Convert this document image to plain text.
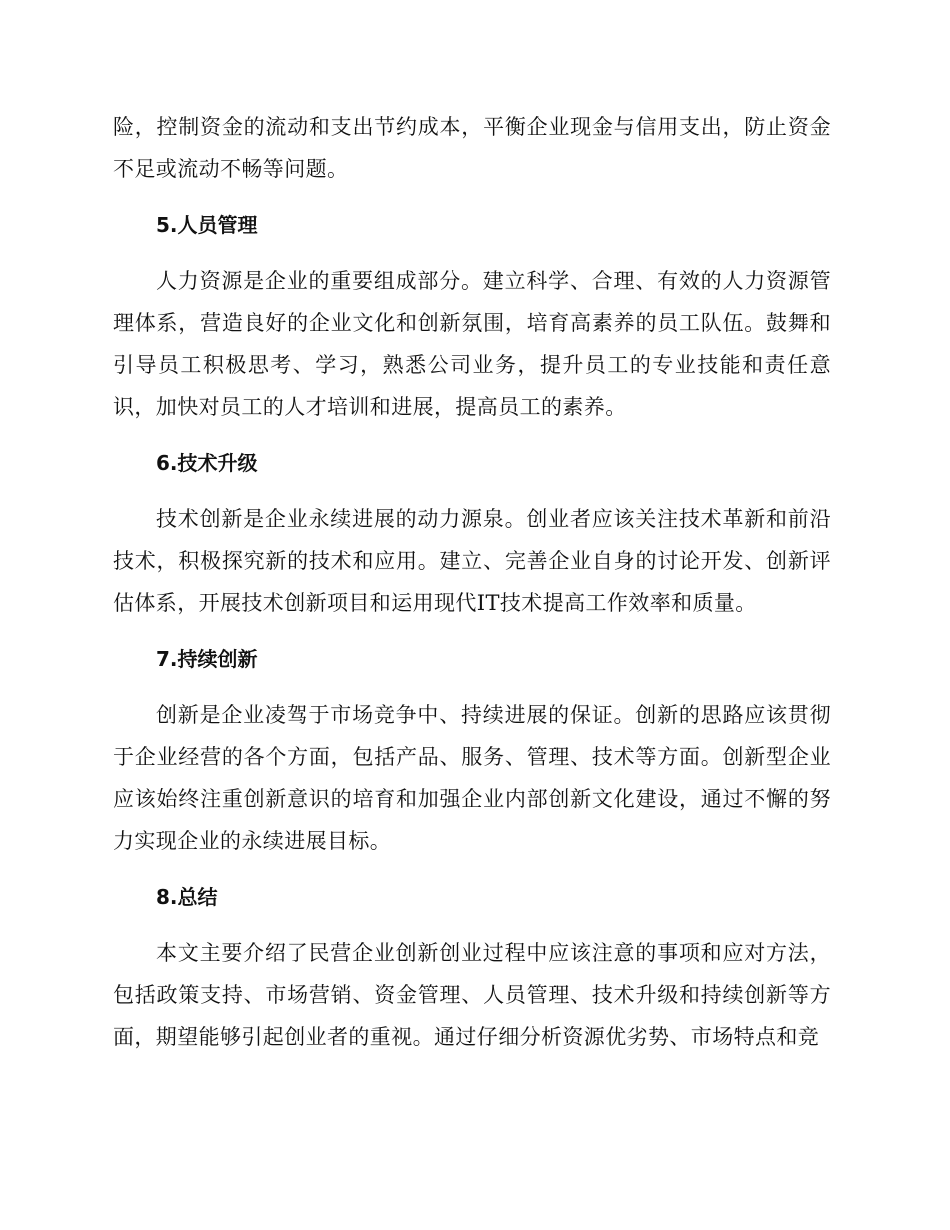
险，控制资金的流动和支出节约成本，平衡企业现金与信用支出，防止资金不足或流动不畅等问题。

5.人员管理

人力资源是企业的重要组成部分。建立科学、合理、有效的人力资源管理体系，营造良好的企业文化和创新氛围，培育高素养的员工队伍。鼓舞和引导员工积极思考、学习，熟悉公司业务，提升员工的专业技能和责任意识，加快对员工的人才培训和进展，提高员工的素养。

6.技术升级

技术创新是企业永续进展的动力源泉。创业者应该关注技术革新和前沿技术，积极探究新的技术和应用。建立、完善企业自身的讨论开发、创新评估体系，开展技术创新项目和运用现代IT技术提高工作效率和质量。

7.持续创新

创新是企业凌驾于市场竞争中、持续进展的保证。创新的思路应该贯彻于企业经营的各个方面，包括产品、服务、管理、技术等方面。创新型企业应该始终注重创新意识的培育和加强企业内部创新文化建设，通过不懈的努力实现企业的永续进展目标。

8.总结

本文主要介绍了民营企业创新创业过程中应该注意的事项和应对方法，包括政策支持、市场营销、资金管理、人员管理、技术升级和持续创新等方面，期望能够引起创业者的重视。通过仔细分析资源优劣势、市场特点和竞
